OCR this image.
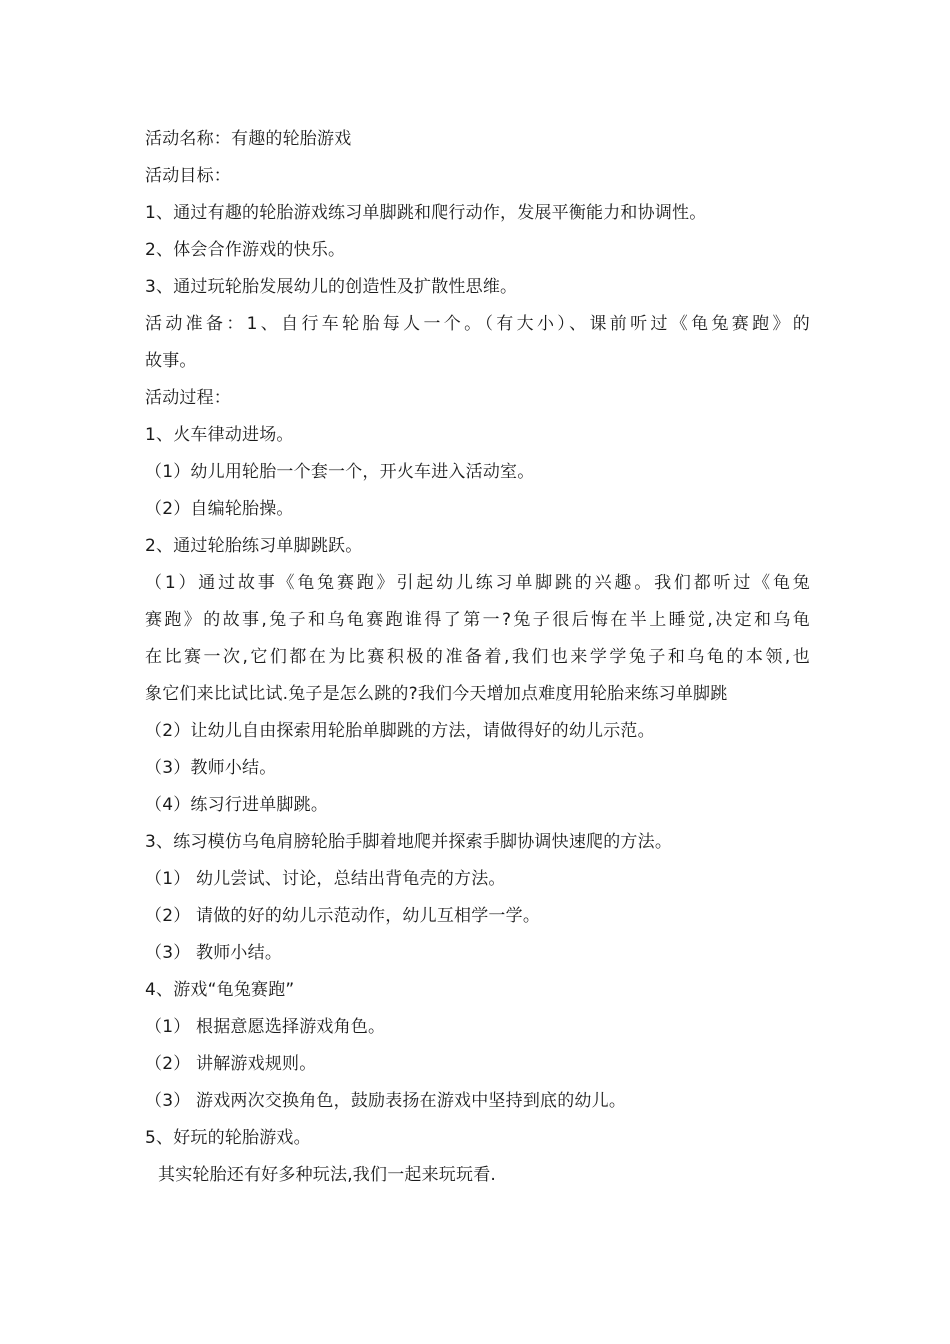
活动名称：有趣的轮胎游戏
活动目标：
1、通过有趣的轮胎游戏练习单脚跳和爬行动作，发展平衡能力和协调性。
2、体会合作游戏的快乐。
3、通过玩轮胎发展幼儿的创造性及扩散性思维。
活动准备：1、自行车轮胎每人一个。（有大小）、课前听过《龟兔赛跑》的
故事。
活动过程：
1、火车律动进场。
（1）幼儿用轮胎一个套一个，开火车进入活动室。
（2）自编轮胎操。
2、通过轮胎练习单脚跳跃。
（1）通过故事《龟兔赛跑》引起幼儿练习单脚跳的兴趣。我们都听过《龟兔
赛跑》的故事,兔子和乌龟赛跑谁得了第一?兔子很后悔在半上睡觉,决定和乌龟
在比赛一次,它们都在为比赛积极的准备着,我们也来学学兔子和乌龟的本领,也
象它们来比试比试.兔子是怎么跳的?我们今天增加点难度用轮胎来练习单脚跳
（2）让幼儿自由探索用轮胎单脚跳的方法，请做得好的幼儿示范。
（3）教师小结。
（4）练习行进单脚跳。
3、练习模仿乌龟肩膀轮胎手脚着地爬并探索手脚协调快速爬的方法。
（1） 幼儿尝试、讨论，总结出背龟壳的方法。
（2） 请做的好的幼儿示范动作，幼儿互相学一学。
（3） 教师小结。
4、游戏“龟兔赛跑”
（1） 根据意愿选择游戏角色。
（2） 讲解游戏规则。
（3） 游戏两次交换角色，鼓励表扬在游戏中坚持到底的幼儿。
5、好玩的轮胎游戏。
其实轮胎还有好多种玩法,我们一起来玩玩看.
